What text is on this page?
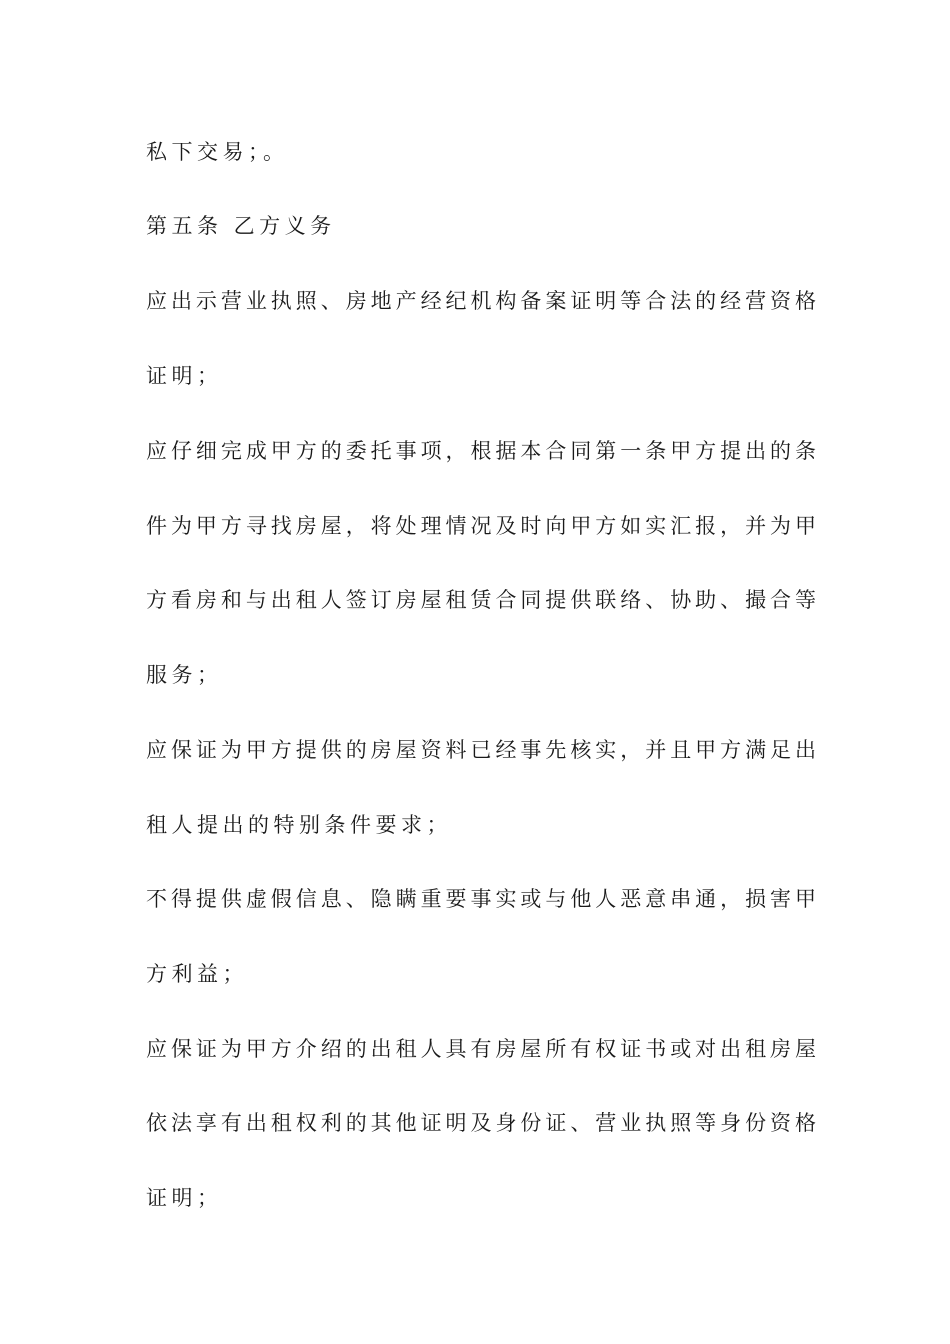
私下交易；。

第五条 乙方义务

应出示营业执照、房地产经纪机构备案证明等合法的经营资格

证明；

应仔细完成甲方的委托事项，根据本合同第一条甲方提出的条

件为甲方寻找房屋，将处理情况及时向甲方如实汇报，并为甲

方看房和与出租人签订房屋租赁合同提供联络、协助、撮合等

服务；

应保证为甲方提供的房屋资料已经事先核实，并且甲方满足出

租人提出的特别条件要求；

不得提供虚假信息、隐瞒重要事实或与他人恶意串通，损害甲

方利益；

应保证为甲方介绍的出租人具有房屋所有权证书或对出租房屋

依法享有出租权利的其他证明及身份证、营业执照等身份资格

证明；
